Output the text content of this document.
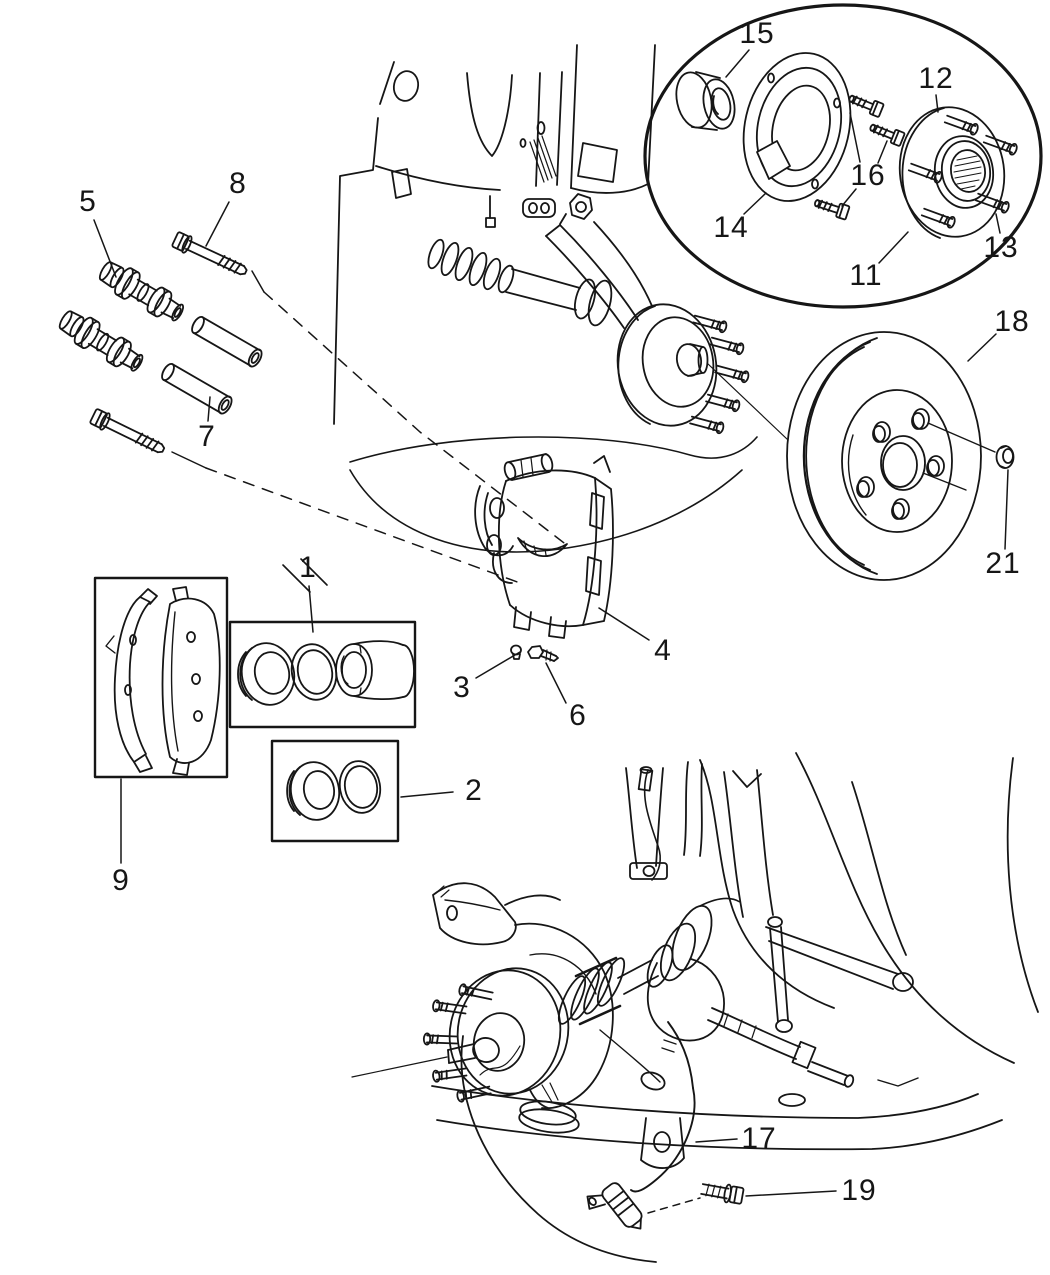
1
2
3
4
5
6
7
8
9
11
12
13
14
15
16
17
18
19
21
